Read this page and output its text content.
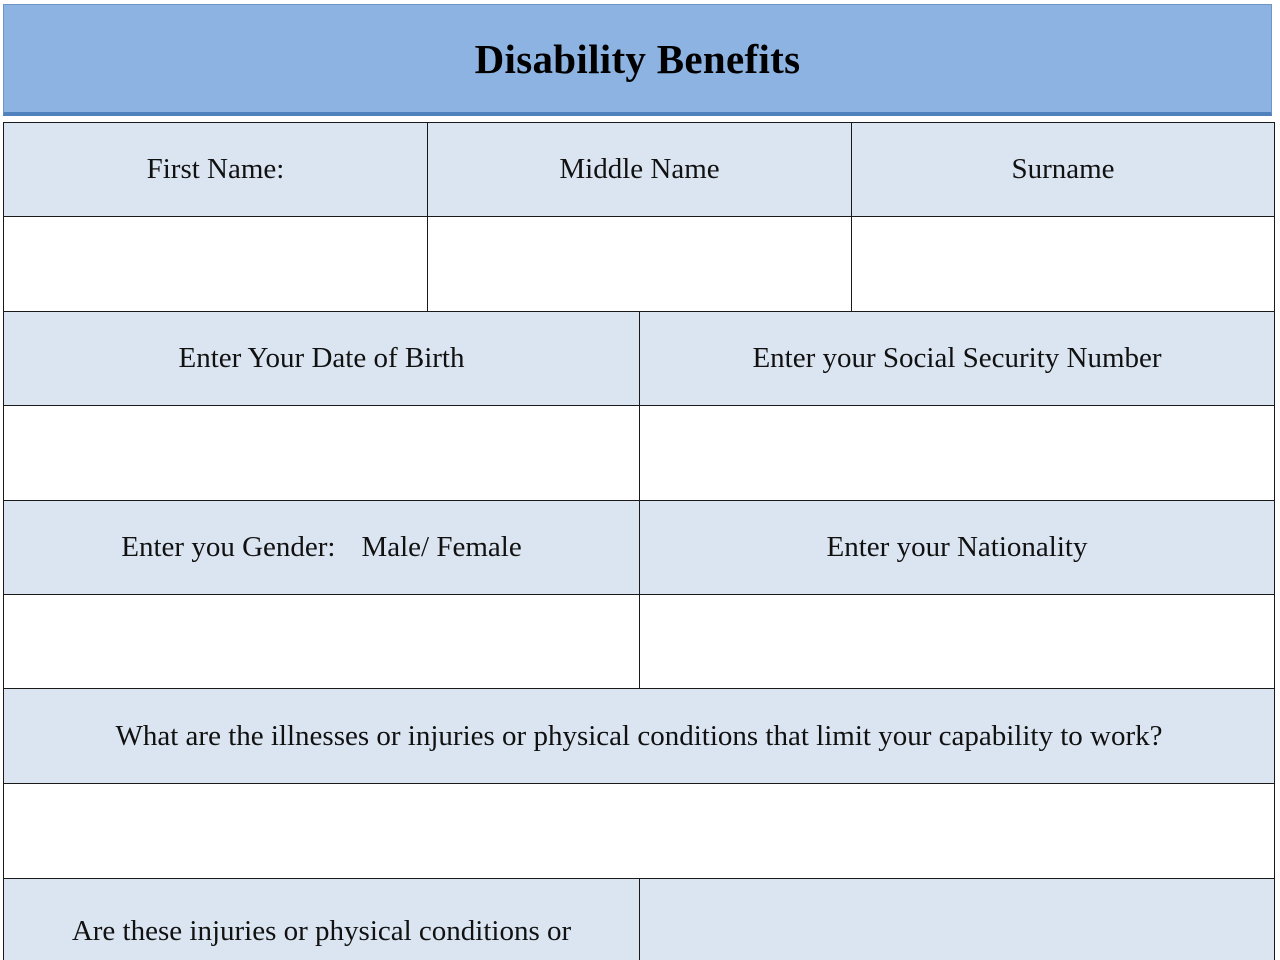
Disability Benefits
First Name:	Middle Name	Surname
Enter Your Date of Birth	Enter your Social Security Number
Enter you Gender: Male/ Female	Enter your Nationality
What are the illnesses or injuries or physical conditions that limit your capability to work?
Are these injuries or physical conditions or
